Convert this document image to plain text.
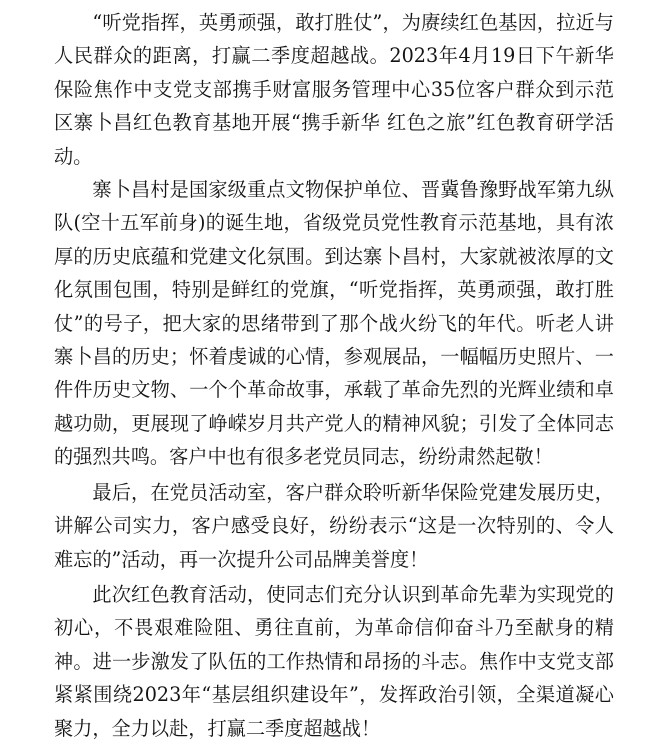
“听党指挥，英勇顽强，敢打胜仗”，为赓续红色基因，拉近与人民群众的距离，打赢二季度超越战。2023年4月19日下午新华保险焦作中支党支部携手财富服务管理中心35位客户群众到示范区寨卜昌红色教育基地开展“携手新华 红色之旅”红色教育研学活动。

寨卜昌村是国家级重点文物保护单位、晋冀鲁豫野战军第九纵队(空十五军前身)的诞生地，省级党员党性教育示范基地，具有浓厚的历史底蕴和党建文化氛围。到达寨卜昌村，大家就被浓厚的文化氛围包围，特别是鲜红的党旗，“听党指挥，英勇顽强，敢打胜仗”的号子，把大家的思绪带到了那个战火纷飞的年代。听老人讲寨卜昌的历史；怀着虔诚的心情，参观展品，一幅幅历史照片、一件件历史文物、一个个革命故事，承载了革命先烈的光辉业绩和卓越功勋，更展现了峥嵘岁月共产党人的精神风貌；引发了全体同志的强烈共鸣。客户中也有很多老党员同志，纷纷肃然起敬！

最后，在党员活动室，客户群众聆听新华保险党建发展历史，讲解公司实力，客户感受良好，纷纷表示“这是一次特别的、令人难忘的”活动，再一次提升公司品牌美誉度！

此次红色教育活动，使同志们充分认识到革命先辈为实现党的初心，不畏艰难险阻、勇往直前，为革命信仰奋斗乃至献身的精神。进一步激发了队伍的工作热情和昂扬的斗志。焦作中支党支部紧紧围绕2023年“基层组织建设年”，发挥政治引领，全渠道凝心聚力，全力以赴，打赢二季度超越战！
